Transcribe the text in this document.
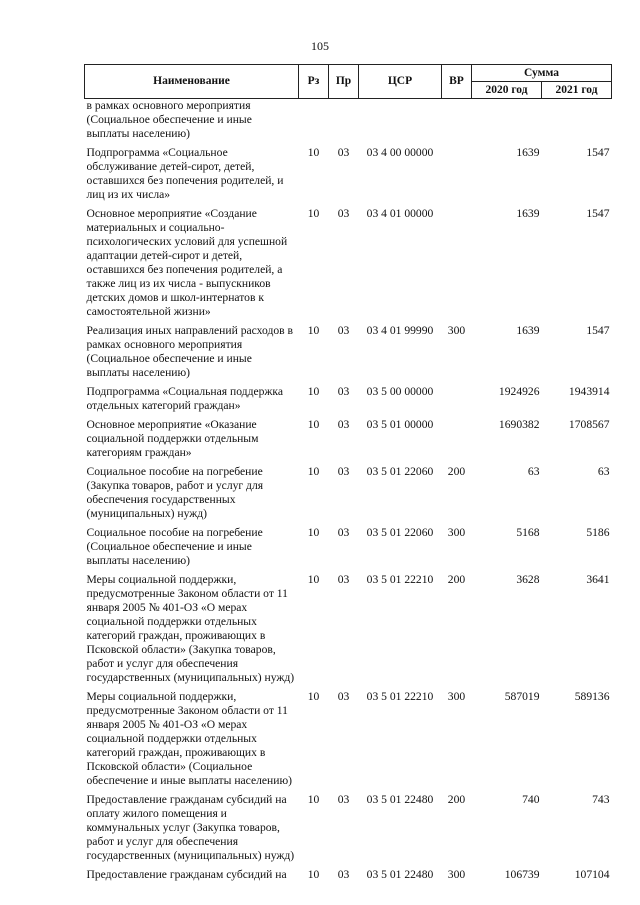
105
Наименование	Рз	Пр	ЦСР	ВР	Сумма	
					2020 год	2021 год
в рамках основного мероприятия (Социальное обеспечение и иные выплаты населению)						
Подпрограмма «Социальное обслуживание детей-сирот, детей, оставшихся без попечения родителей, и лиц из их числа»	10	03	03 4 00 00000		1639	1547
Основное мероприятие «Создание материальных и социально-психологических условий для успешной адаптации детей-сирот и детей, оставшихся без попечения родителей, а также лиц из их числа - выпускников детских домов и школ-интернатов к самостоятельной жизни»	10	03	03 4 01 00000		1639	1547
Реализация иных направлений расходов в рамках основного мероприятия (Социальное обеспечение и иные выплаты населению)	10	03	03 4 01 99990	300	1639	1547
Подпрограмма «Социальная поддержка отдельных категорий граждан»	10	03	03 5 00 00000		1924926	1943914
Основное мероприятие «Оказание социальной поддержки отдельным категориям граждан»	10	03	03 5 01 00000		1690382	1708567
Социальное пособие на погребение (Закупка товаров, работ и услуг для обеспечения государственных (муниципальных) нужд)	10	03	03 5 01 22060	200	63	63
Социальное пособие на погребение (Социальное обеспечение и иные выплаты населению)	10	03	03 5 01 22060	300	5168	5186
Меры социальной поддержки, предусмотренные Законом области от 11 января 2005 № 401-ОЗ «О мерах социальной поддержки отдельных категорий граждан, проживающих в Псковской области» (Закупка товаров, работ и услуг для обеспечения государственных (муниципальных) нужд)	10	03	03 5 01 22210	200	3628	3641
Меры социальной поддержки, предусмотренные Законом области от 11 января 2005 № 401-ОЗ «О мерах социальной поддержки отдельных категорий граждан, проживающих в Псковской области» (Социальное обеспечение и иные выплаты населению)	10	03	03 5 01 22210	300	587019	589136
Предоставление гражданам субсидий на оплату жилого помещения и коммунальных услуг (Закупка товаров, работ и услуг для обеспечения государственных (муниципальных) нужд)	10	03	03 5 01 22480	200	740	743
Предоставление гражданам субсидий на	10	03	03 5 01 22480	300	106739	107104
